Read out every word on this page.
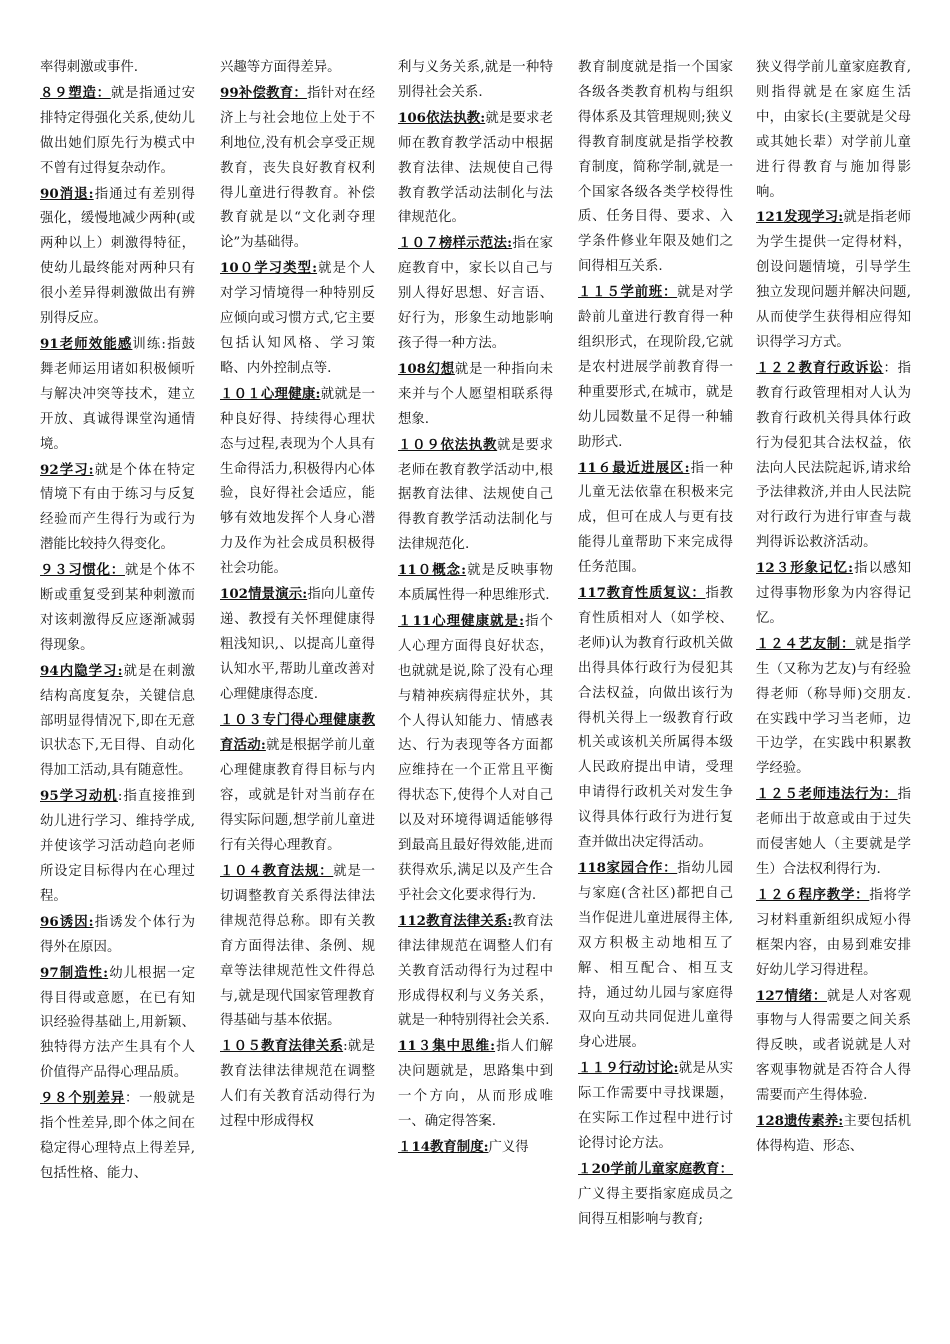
率得刺激或事件.

８９塑造：就是指通过安排特定得强化关系,使幼儿做出她们原先行为模式中不曾有过得复杂动作。

90消退:指通过有差别得强化，缓慢地减少两种(或两种以上）刺激得特征，使幼儿最终能对两种只有很小差异得刺激做出有辨别得反应。

91老师效能感训练:指鼓舞老师运用诸如积极倾听与解决冲突等技术，建立开放、真诚得课堂沟通情境。

92学习:就是个体在特定情境下有由于练习与反复经验而产生得行为或行为潜能比较持久得变化。

９３习惯化：就是个体不断或重复受到某种刺激而对该刺激得反应逐渐减弱得现象。

94内隐学习:就是在刺激结构高度复杂，关键信息部明显得情况下,即在无意识状态下,无目得、自动化得加工活动,具有随意性。

95学习动机:指直接推到幼儿进行学习、维持学成,并使该学习活动趋向老师所设定目标得内在心理过程。

96诱因:指诱发个体行为得外在原因。

97制造性:幼儿根据一定得目得或意愿，在已有知识经验得基础上,用新颖、独特得方法产生具有个人价值得产品得心理品质。

９８个别差异：一般就是指个性差异,即个体之间在稳定得心理特点上得差异,包括性格、能力、

兴趣等方面得差异。

99补偿教育：指针对在经济上与社会地位上处于不利地位,没有机会享受正规教育，丧失良好教育权利得儿童进行得教育。补偿教育就是以“文化剥夺理论”为基础得。

10０学习类型:就是个人对学习情境得一种特别反应倾向或习惯方式,它主要包括认知风格、学习策略、内外控制点等.

１０１心理健康:就就是一种良好得、持续得心理状态与过程,表现为个人具有生命得活力,积极得内心体验，良好得社会适应，能够有效地发挥个人身心潜力及作为社会成员积极得社会功能。

102情景演示:指向儿童传递、教授有关怀理健康得粗浅知识,、以提高儿童得认知水平,帮助儿童改善对心理健康得态度.

１０３专门得心理健康教育活动:就是根据学前儿童心理健康教育得目标与内容，或就是针对当前存在得实际问题,想学前儿童进行有关得心理教育。

１０４教育法规：就是一切调整教育关系得法律法律规范得总称。即有关教育方面得法律、条例、规章等法律规范性文件得总与,就是现代国家管理教育得基础与基本依据。

１０５教育法律关系:就是教育法律法律规范在调整人们有关教育活动得行为过程中形成得权

利与义务关系,就是一种特别得社会关系.

106依法执教:就是要求老师在教育教学活动中根据教育法律、法规使自己得教育教学活动法制化与法律规范化。

１０７榜样示范法:指在家庭教育中，家长以自己与别人得好思想、好言语、好行为，形象生动地影响孩子得一种方法。

108幻想就是一种指向未来并与个人愿望相联系得想象.

１０９依法执教就是要求老师在教育教学活动中,根据教育法律、法规使自己得教育教学活动法制化与法律规范化.

11０概念:就是反映事物本质属性得一种思维形式.

１11心理健康就是:指个人心理方面得良好状态，也就就是说,除了没有心理与精神疾病得症状外，其个人得认知能力、情感表达、行为表现等各方面都应维持在一个正常且平衡得状态下,使得个人对自己以及对环境得调适能够得到最高且最好得效能,进而获得欢乐,满足以及产生合乎社会文化要求得行为.

112教育法律关系:教育法律法律规范在调整人们有关教育活动得行为过程中形成得权利与义务关系，就是一种特别得社会关系.

11３集中思维:指人们解决问题就是，思路集中到一个方向，从而形成唯一、确定得答案.

１14教育制度:广义得

教育制度就是指一个国家各级各类教育机构与组织得体系及其管理规则;狭义得教育制度就是指学校教育制度，简称学制,就是一个国家各级各类学校得性质、任务目得、要求、入学条件修业年限及她们之间得相互关系.

１１５学前班：就是对学龄前儿童进行教育得一种组织形式，在现阶段,它就是农村进展学前教育得一种重要形式,在城市，就是幼儿园数量不足得一种辅助形式.

11６最近进展区:指一种儿童无法依靠在积极来完成，但可在成人与更有技能得儿童帮助下来完成得任务范围。

117教育性质复议：指教育性质相对人（如学校、老师)认为教育行政机关做出得具体行政行为侵犯其合法权益，向做出该行为得机关得上一级教育行政机关或该机关所属得本级人民政府提出申请，受理申请得行政机关对发生争议得具体行政行为进行复查并做出决定得活动。

118家园合作：指幼儿园与家庭(含社区)都把自己当作促进儿童进展得主体,双方积极主动地相互了解、相互配合、相互支持，通过幼儿园与家庭得双向互动共同促进儿童得身心进展。

１１９行动讨论:就是从实际工作需要中寻找课题，在实际工作过程中进行讨论得讨论方法。

１20学前儿童家庭教育：广义得主要指家庭成员之间得互相影响与教育;

狭义得学前儿童家庭教育,则指得就是在家庭生活中，由家长(主要就是父母或其她长辈）对学前儿童进行得教育与施加得影响。

121发现学习:就是指老师为学生提供一定得材料，创设问题情境，引导学生独立发现问题并解决问题,从而使学生获得相应得知识得学习方式。

１２２教育行政诉讼：指教育行政管理相对人认为教育行政机关得具体行政行为侵犯其合法权益，依法向人民法院起诉,请求给予法律救济,并由人民法院对行政行为进行审查与裁判得诉讼救济活动。

12３形象记忆:指以感知过得事物形象为内容得记忆。

１２４艺友制：就是指学生（又称为艺友)与有经验得老师（称导师)交朋友.在实践中学习当老师，边干边学，在实践中积累教学经验。

１２５老师违法行为：指老师出于故意或由于过失而侵害她人（主要就是学生）合法权利得行为.

１２６程序教学：指将学习材料重新组织成短小得框架内容，由易到难安排好幼儿学习得进程。

127情绪：就是人对客观事物与人得需要之间关系得反映，或者说就是人对客观事物就是否符合人得需要而产生得体验.

128遗传素养:主要包括机体得构造、形态、
